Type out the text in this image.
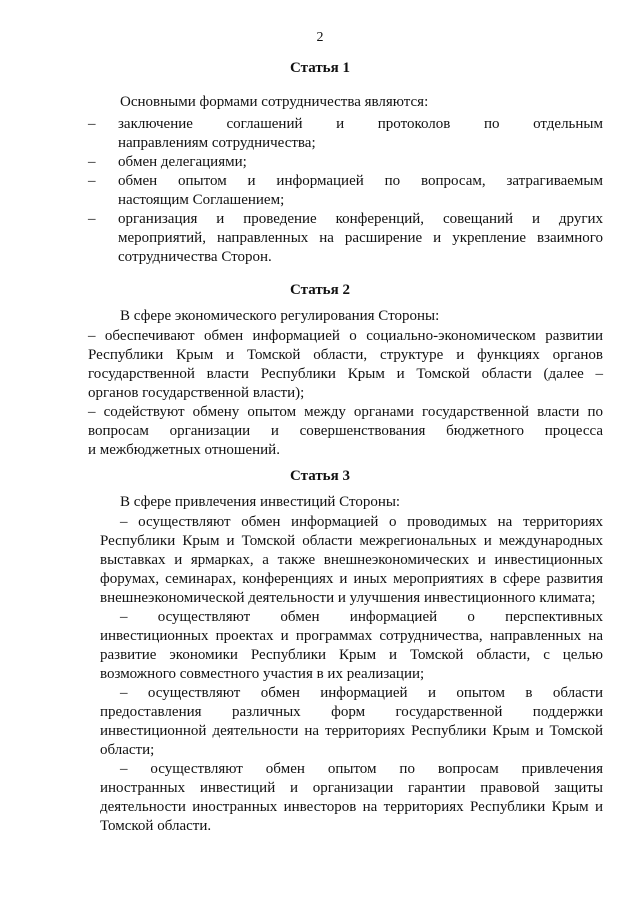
2
Статья 1
Основными формами сотрудничества являются:
– заключение соглашений и протоколов по отдельным
направлениям сотрудничества;
– обмен делегациями;
– обмен опытом и информацией по вопросам, затрагиваемым
настоящим Соглашением;
– организация и проведение конференций, совещаний и других
мероприятий, направленных на расширение и укрепление взаимного
сотрудничества Сторон.
Статья 2
В сфере экономического регулирования Стороны:
– обеспечивают обмен информацией о социально-экономическом развитии
Республики Крым и Томской области, структуре и функциях органов
государственной власти Республики Крым и Томской области (далее –
органов государственной власти);
– содействуют обмену опытом между органами государственной власти по
вопросам организации и совершенствования бюджетного процесса
и межбюджетных отношений.
Статья 3
В сфере привлечения инвестиций Стороны:
– осуществляют обмен информацией о проводимых на территориях
Республики Крым и Томской области межрегиональных и международных
выставках и ярмарках, а также внешнеэкономических и инвестиционных
форумах, семинарах, конференциях и иных мероприятиях в сфере развития
внешнеэкономической деятельности и улучшения инвестиционного климата;
– осуществляют обмен информацией о перспективных
инвестиционных проектах и программах сотрудничества, направленных на
развитие экономики Республики Крым и Томской области, с целью
возможного совместного участия в их реализации;
– осуществляют обмен информацией и опытом в области
предоставления различных форм государственной поддержки
инвестиционной деятельности на территориях Республики Крым и Томской
области;
– осуществляют обмен опытом по вопросам привлечения
иностранных инвестиций и организации гарантии правовой защиты
деятельности иностранных инвесторов на территориях Республики Крым и
Томской области.
